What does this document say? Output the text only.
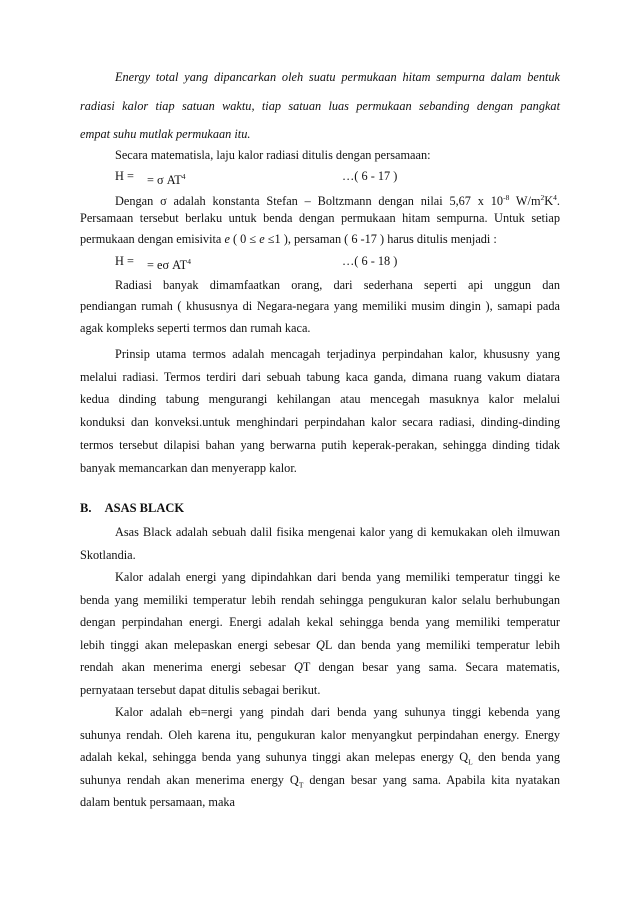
Energy total yang dipancarkan oleh suatu permukaan hitam sempurna dalam bentuk
radiasi kalor tiap satuan waktu, tiap satuan luas permukaan sebanding dengan pangkat
empat suhu mutlak permukaan itu.
Secara matematisla, laju kalor radiasi ditulis dengan persamaan:
H = = σ $AT^4$	…( 6 - 17 )
Dengan σ adalah konstanta Stefan – Boltzmann dengan nilai 5,67 x $10^{-8}$ $W/m^2K^4$.
Persamaan tersebut berlaku untuk benda dengan permukaan hitam sempurna. Untuk setiap
permukaan dengan emisivita e ( 0 ≤ e ≤1 ), persaman ( 6 -17 ) harus ditulis menjadi :
H = = eσ $AT^4$	…( 6 - 18 )
Radiasi banyak dimamfaatkan orang, dari sederhana seperti api unggun dan
pendiangan rumah ( khususnya di Negara-negara yang memiliki musim dingin ), samapi pada
agak kompleks seperti termos dan rumah kaca.
Prinsip utama termos adalah mencagah terjadinya perpindahan kalor, khususny yang
melalui radiasi. Termos terdiri dari sebuah tabung kaca ganda, dimana ruang vakum diatara
kedua dinding tabung mengurangi kehilangan atau mencegah masuknya kalor melalui
konduksi dan konveksi.untuk menghindari perpindahan kalor secara radiasi, dinding-dinding
termos tersebut dilapisi bahan yang berwarna putih keperak-perakan, sehingga dinding tidak
banyak memancarkan dan menyerapp kalor.
B. ASAS BLACK
Asas Black adalah sebuah dalil fisika mengenai kalor yang di kemukakan oleh ilmuwan
Skotlandia.
Kalor adalah energi yang dipindahkan dari benda yang memiliki temperatur tinggi ke
benda yang memiliki temperatur lebih rendah sehingga pengukuran kalor selalu berhubungan
dengan perpindahan energi. Energi adalah kekal sehingga benda yang memiliki temperatur
lebih tinggi akan melepaskan energi sebesar QL dan benda yang memiliki temperatur lebih
rendah akan menerima energi sebesar QT dengan besar yang sama. Secara matematis,
pernyataan tersebut dapat ditulis sebagai berikut.
Kalor adalah eb=nergi yang pindah dari benda yang suhunya tinggi kebenda yang
suhunya rendah. Oleh karena itu, pengukuran kalor menyangkut perpindahan energy. Energy
adalah kekal, sehingga benda yang suhunya tinggi akan melepas energy $Q_L$ den benda yang
suhunya rendah akan menerima energy $Q_T$ dengan besar yang sama. Apabila kita nyatakan
dalam bentuk persamaan, maka
